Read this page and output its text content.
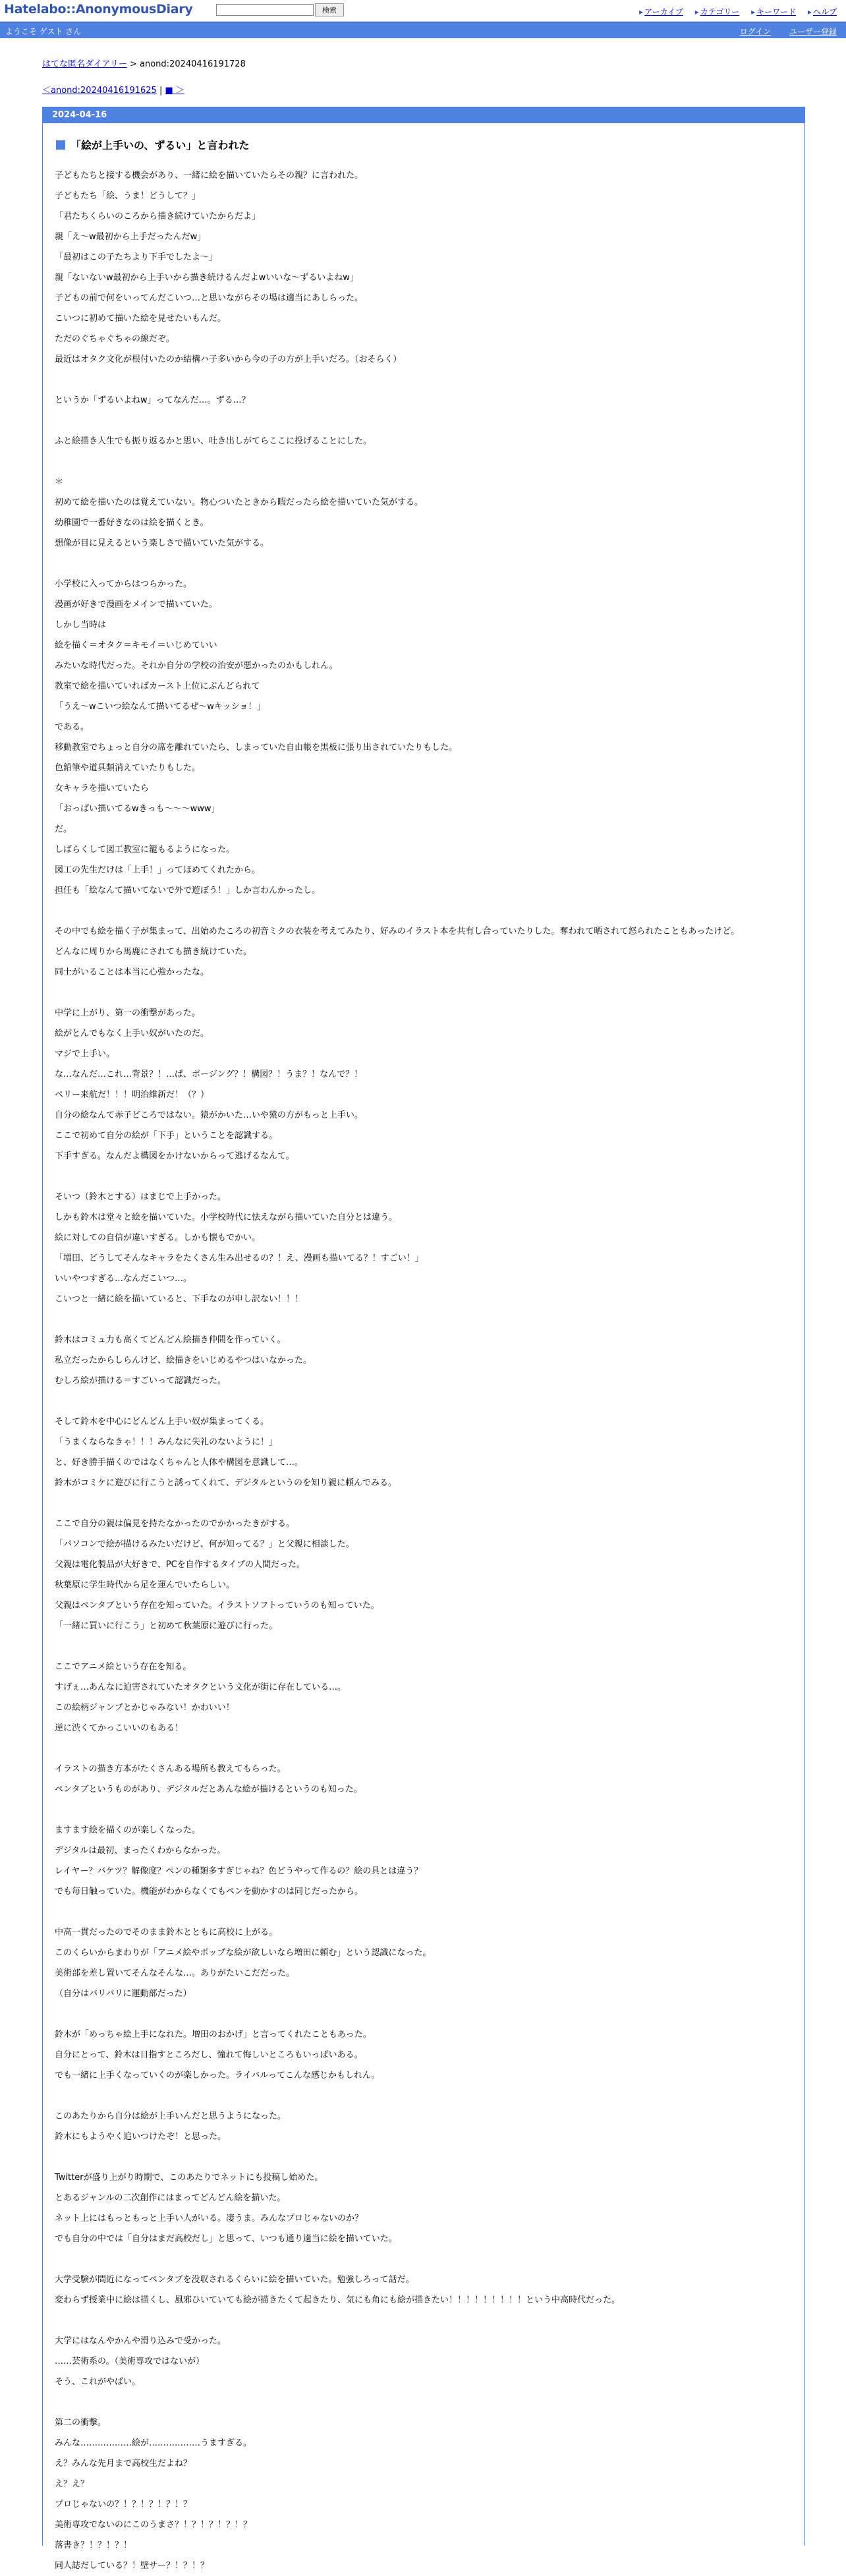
Hatelabo::AnonymousDiary	検索	▸ アーカイブ ▸ カテゴリー ▸ キーワード ▸ ヘルプ
ようこそ ゲスト さん	ログイン ユーザー登録
はてな匿名ダイアリー > anond:20240416191728
＜anond:20240416191625 | ■ ＞
2024-04-16
「絵が上手いの、ずるい」と言われた

子どもたちと接する機会があり、一緒に絵を描いていたらその親？に言われた。

子どもたち「絵、うま！どうして？」

「君たちくらいのころから描き続けていたからだよ」

親「え〜w最初から上手だったんだw」

「最初はこの子たちより下手でしたよ〜」

親「ないないw最初から上手いから描き続けるんだよwいいな〜ずるいよねw」

子どもの前で何をいってんだこいつ…と思いながらその場は適当にあしらった。

こいつに初めて描いた絵を見せたいもんだ。

ただのぐちゃぐちゃの線だぞ。

最近はオタク文化が根付いたのか結構ハ子多いから今の子の方が上手いだろ。（おそらく）

というか「ずるいよねw」ってなんだ…。ずる…？

ふと絵描き人生でも振り返るかと思い、吐き出しがてらここに投げることにした。

＊

初めて絵を描いたのは覚えていない。物心ついたときから暇だったら絵を描いていた気がする。

幼稚園で一番好きなのは絵を描くとき。

想像が目に見えるという楽しさで描いていた気がする。

小学校に入ってからはつらかった。

漫画が好きで漫画をメインで描いていた。

しかし当時は

絵を描く＝オタク＝キモイ＝いじめていい

みたいな時代だった。それか自分の学校の治安が悪かったのかもしれん。

教室で絵を描いていればカースト上位にぶんどられて

「うえ〜wこいつ絵なんて描いてるぜ〜wキッショ！」

である。

移動教室でちょっと自分の席を離れていたら、しまっていた自由帳を黒板に張り出されていたりもした。

色鉛筆や道具類消えていたりもした。

女キャラを描いていたら

「おっぱい描いてるwきっも〜〜〜www」

だ。

しばらくして図工教室に籠もるようになった。

図工の先生だけは「上手！」ってほめてくれたから。

担任も「絵なんて描いてないで外で遊ぼう！」しか言わんかったし。

その中でも絵を描く子が集まって、出始めたころの初音ミクの衣装を考えてみたり、好みのイラスト本を共有し合っていたりした。奪われて晒されて怒られたこともあったけど。

どんなに周りから馬鹿にされても描き続けていた。

同士がいることは本当に心強かったな。

中学に上がり、第一の衝撃があった。

絵がとんでもなく上手い奴がいたのだ。

マジで上手い。

な…なんだ…これ…背景？！…ぱ、ポージング？！構図？！うま？！なんで？！

ペリー来航だ！！！明治維新だ！（？）

自分の絵なんて赤子どころではない。猿がかいた…いや猿の方がもっと上手い。

ここで初めて自分の絵が「下手」ということを認識する。

下手すぎる。なんだよ構図をかけないからって逃げるなんて。

そいつ（鈴木とする）はまじで上手かった。

しかも鈴木は堂々と絵を描いていた。小学校時代に怯えながら描いていた自分とは違う。

絵に対しての自信が違いすぎる。しかも懐もでかい。

「増田、どうしてそんなキャラをたくさん生み出せるの？！え、漫画も描いてる？！すごい！」

いいやつすぎる…なんだこいつ…。

こいつと一緒に絵を描いていると、下手なのが申し訳ない！！！

鈴木はコミュ力も高くてどんどん絵描き仲間を作っていく。

私立だったからしらんけど、絵描きをいじめるやつはいなかった。

むしろ絵が描ける＝すごいって認識だった。

そして鈴木を中心にどんどん上手い奴が集まってくる。

「うまくならなきゃ！！！みんなに失礼のないように！」

と、好き勝手描くのではなくちゃんと人体や構図を意識して…。

鈴木がコミケに遊びに行こうと誘ってくれて、デジタルというのを知り親に頼んでみる。

ここで自分の親は偏見を持たなかったのでかかったきがする。

「パソコンで絵が描けるみたいだけど、何が知ってる？」と父親に相談した。

父親は電化製品が大好きで、PCを自作するタイプの人間だった。

秋葉原に学生時代から足を運んでいたらしい。

父親はペンタブという存在を知っていた。イラストソフトっていうのも知っていた。

「一緒に買いに行こう」と初めて秋葉原に遊びに行った。

ここでアニメ絵という存在を知る。

すげぇ…あんなに迫害されていたオタクという文化が街に存在している…。

この絵柄ジャンプとかじゃみない！かわいい！

逆に渋くてかっこいいのもある！

イラストの描き方本がたくさんある場所も教えてもらった。

ペンタブというものがあり、デジタルだとあんな絵が描けるというのも知った。

ますます絵を描くのが楽しくなった。

デジタルは最初、まったくわからなかった。

レイヤー？バケツ？解像度？ペンの種類多すぎじゃね？色どうやって作るの？絵の具とは違う？

でも毎日触っていた。機能がわからなくてもペンを動かすのは同じだったから。

中高一貫だったのでそのまま鈴木とともに高校に上がる。

このくらいからまわりが「アニメ絵やポップな絵が欲しいなら増田に頼む」という認識になった。

美術部を差し置いてそんなそんな…。ありがたいこだだった。

（自分はバリバリに運動部だった）

鈴木が「めっちゃ絵上手になれた。増田のおかげ」と言ってくれたこともあった。

自分にとって、鈴木は目指すところだし、憧れて悔しいところもいっぱいある。

でも一緒に上手くなっていくのが楽しかった。ライバルってこんな感じかもしれん。

このあたりから自分は絵が上手いんだと思うようになった。

鈴木にもようやく追いつけたぞ！と思った。

Twitterが盛り上がり時期で、このあたりでネットにも投稿し始めた。

とあるジャンルの二次創作にはまってどんどん絵を描いた。

ネット上にはもっともっと上手い人がいる。凄うま。みんなプロじゃないのか？

でも自分の中では「自分はまだ高校だし」と思って、いつも通り適当に絵を描いていた。

大学受験が間近になってペンタブを没収されるくらいに絵を描いていた。勉強しろって話だ。

変わらず授業中に絵は描くし、風邪ひいていても絵が描きたくて起きたり、気にも角にも絵が描きたい！！！！！！！！！という中高時代だった。

大学にはなんやかんや滑り込みで受かった。

……芸術系の。（美術専攻ではないが）

そう、これがやばい。

第二の衝撃。

みんな………………絵が………………うますぎる。

え？みんな先月まで高校生だよね？

え？え？

プロじゃないの？！？！？！？！？

美術専攻でないのにこのうまさ？！？！？！？！？

落書き？！？！？！

同人誌だしている？！壁サー？！？！？
